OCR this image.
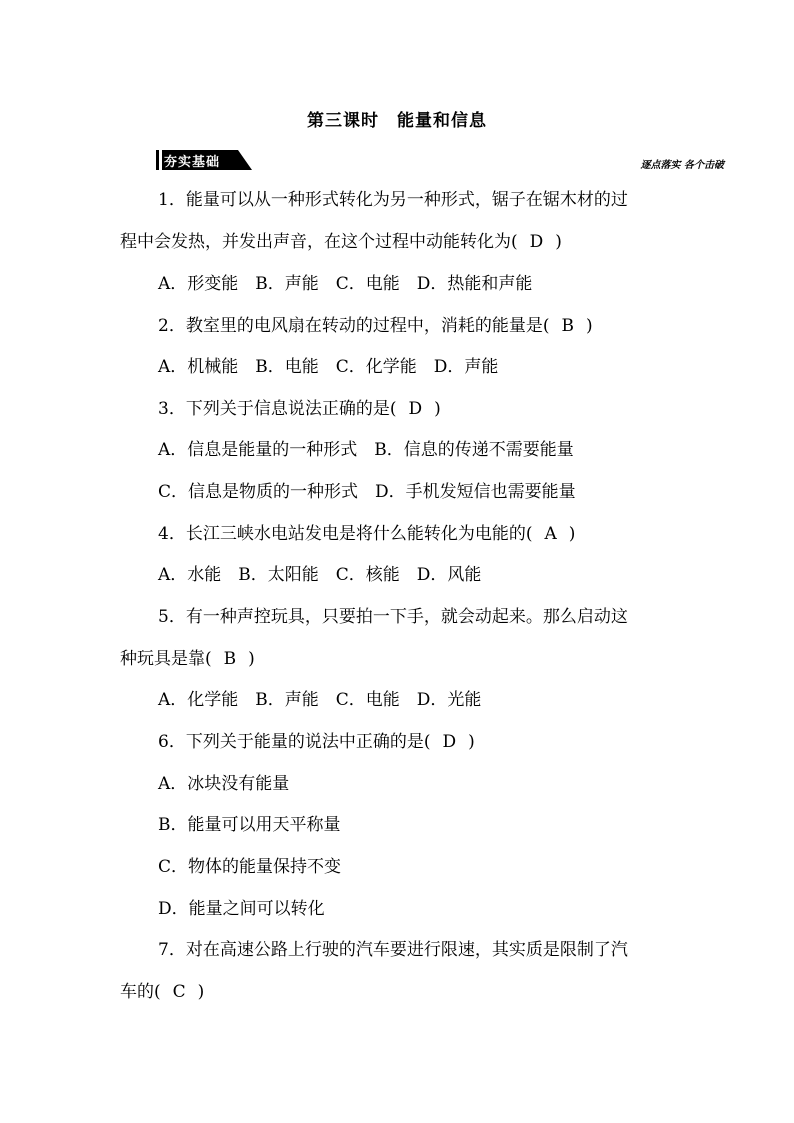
第三课时　能量和信息
夯实基础	逐点落实 各个击破
1．能量可以从一种形式转化为另一种形式，锯子在锯木材的过
程中会发热，并发出声音，在这个过程中动能转化为( D )
A．形变能　B．声能　C．电能　D．热能和声能
2．教室里的电风扇在转动的过程中，消耗的能量是( B )
A．机械能　B．电能　C．化学能　D．声能
3．下列关于信息说法正确的是( D )
A．信息是能量的一种形式　B．信息的传递不需要能量
C．信息是物质的一种形式　D．手机发短信也需要能量
4．长江三峡水电站发电是将什么能转化为电能的( A )
A．水能　B．太阳能　C．核能　D．风能
5．有一种声控玩具，只要拍一下手，就会动起来。那么启动这
种玩具是靠( B )
A．化学能　B．声能　C．电能　D．光能
6．下列关于能量的说法中正确的是( D )
A．冰块没有能量
B．能量可以用天平称量
C．物体的能量保持不变
D．能量之间可以转化
7．对在高速公路上行驶的汽车要进行限速，其实质是限制了汽
车的( C )
